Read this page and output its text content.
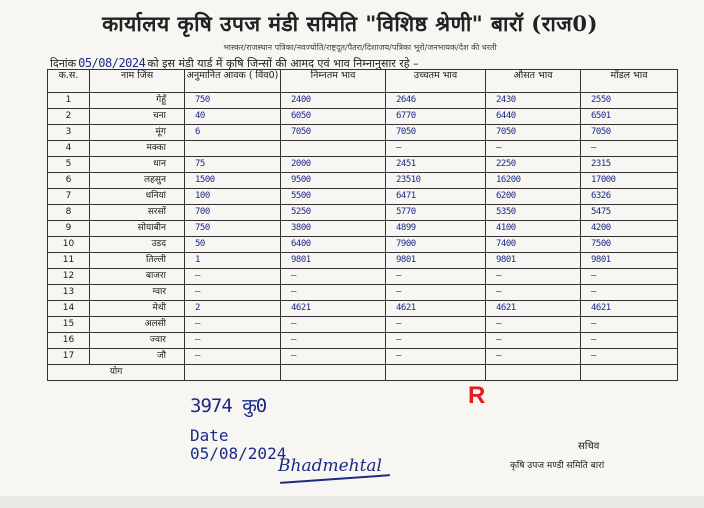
कार्यालय कृषि उपज मंडी समिति "विशिष्ठ श्रेणी" बारॉ (राज0)
भास्कर/राजस्थान पत्रिका/नवज्योति/राष्ट्रदूत/पैतरा/दिशाजय/पत्रिका भूरो/जनभायक/देश की धरती
दिनांक 05/08/2024 को इस मंडी यार्ड में कृषि जिन्सों की आमद एवं भाव निम्नानुसार रहे –
क.स.	नाम जिंस	अनुमानित आवक ( विंव0)	निम्नतम भाव	उच्चतम भाव	औसत भाव	मॉडल भाव
1	गेहूँ	750	2400	2646	2430	2550
2	चना	40	6050	6770	6440	6501
3	मूंग	6	7050	7050	7050	7050
4	मक्का			–	–	–
5	धान	75	2000	2451	2250	2315
6	लहसुन	1500	9500	23510	16200	17000
7	धनियां	100	5500	6471	6200	6326
8	सरसों	700	5250	5770	5350	5475
9	सोयाबीन	750	3800	4899	4100	4200
10	उडद	50	6400	7900	7400	7500
11	तिल्ली	1	9801	9801	9801	9801
12	बाजरा	–	–	–	–	–
13	ग्वार	–	–	–	–	–
14	मेथी	2	4621	4621	4621	4621
15	अलसी	–	–	–	–	–
16	ज्वार	–	–	–	–	–
17	जौ	–	–	–	–	–
योग						
3974 कु0	R
Date
05/08/2024
Bhadmehtal
सचिव
कृषि उपज मण्डी समिति बारां
